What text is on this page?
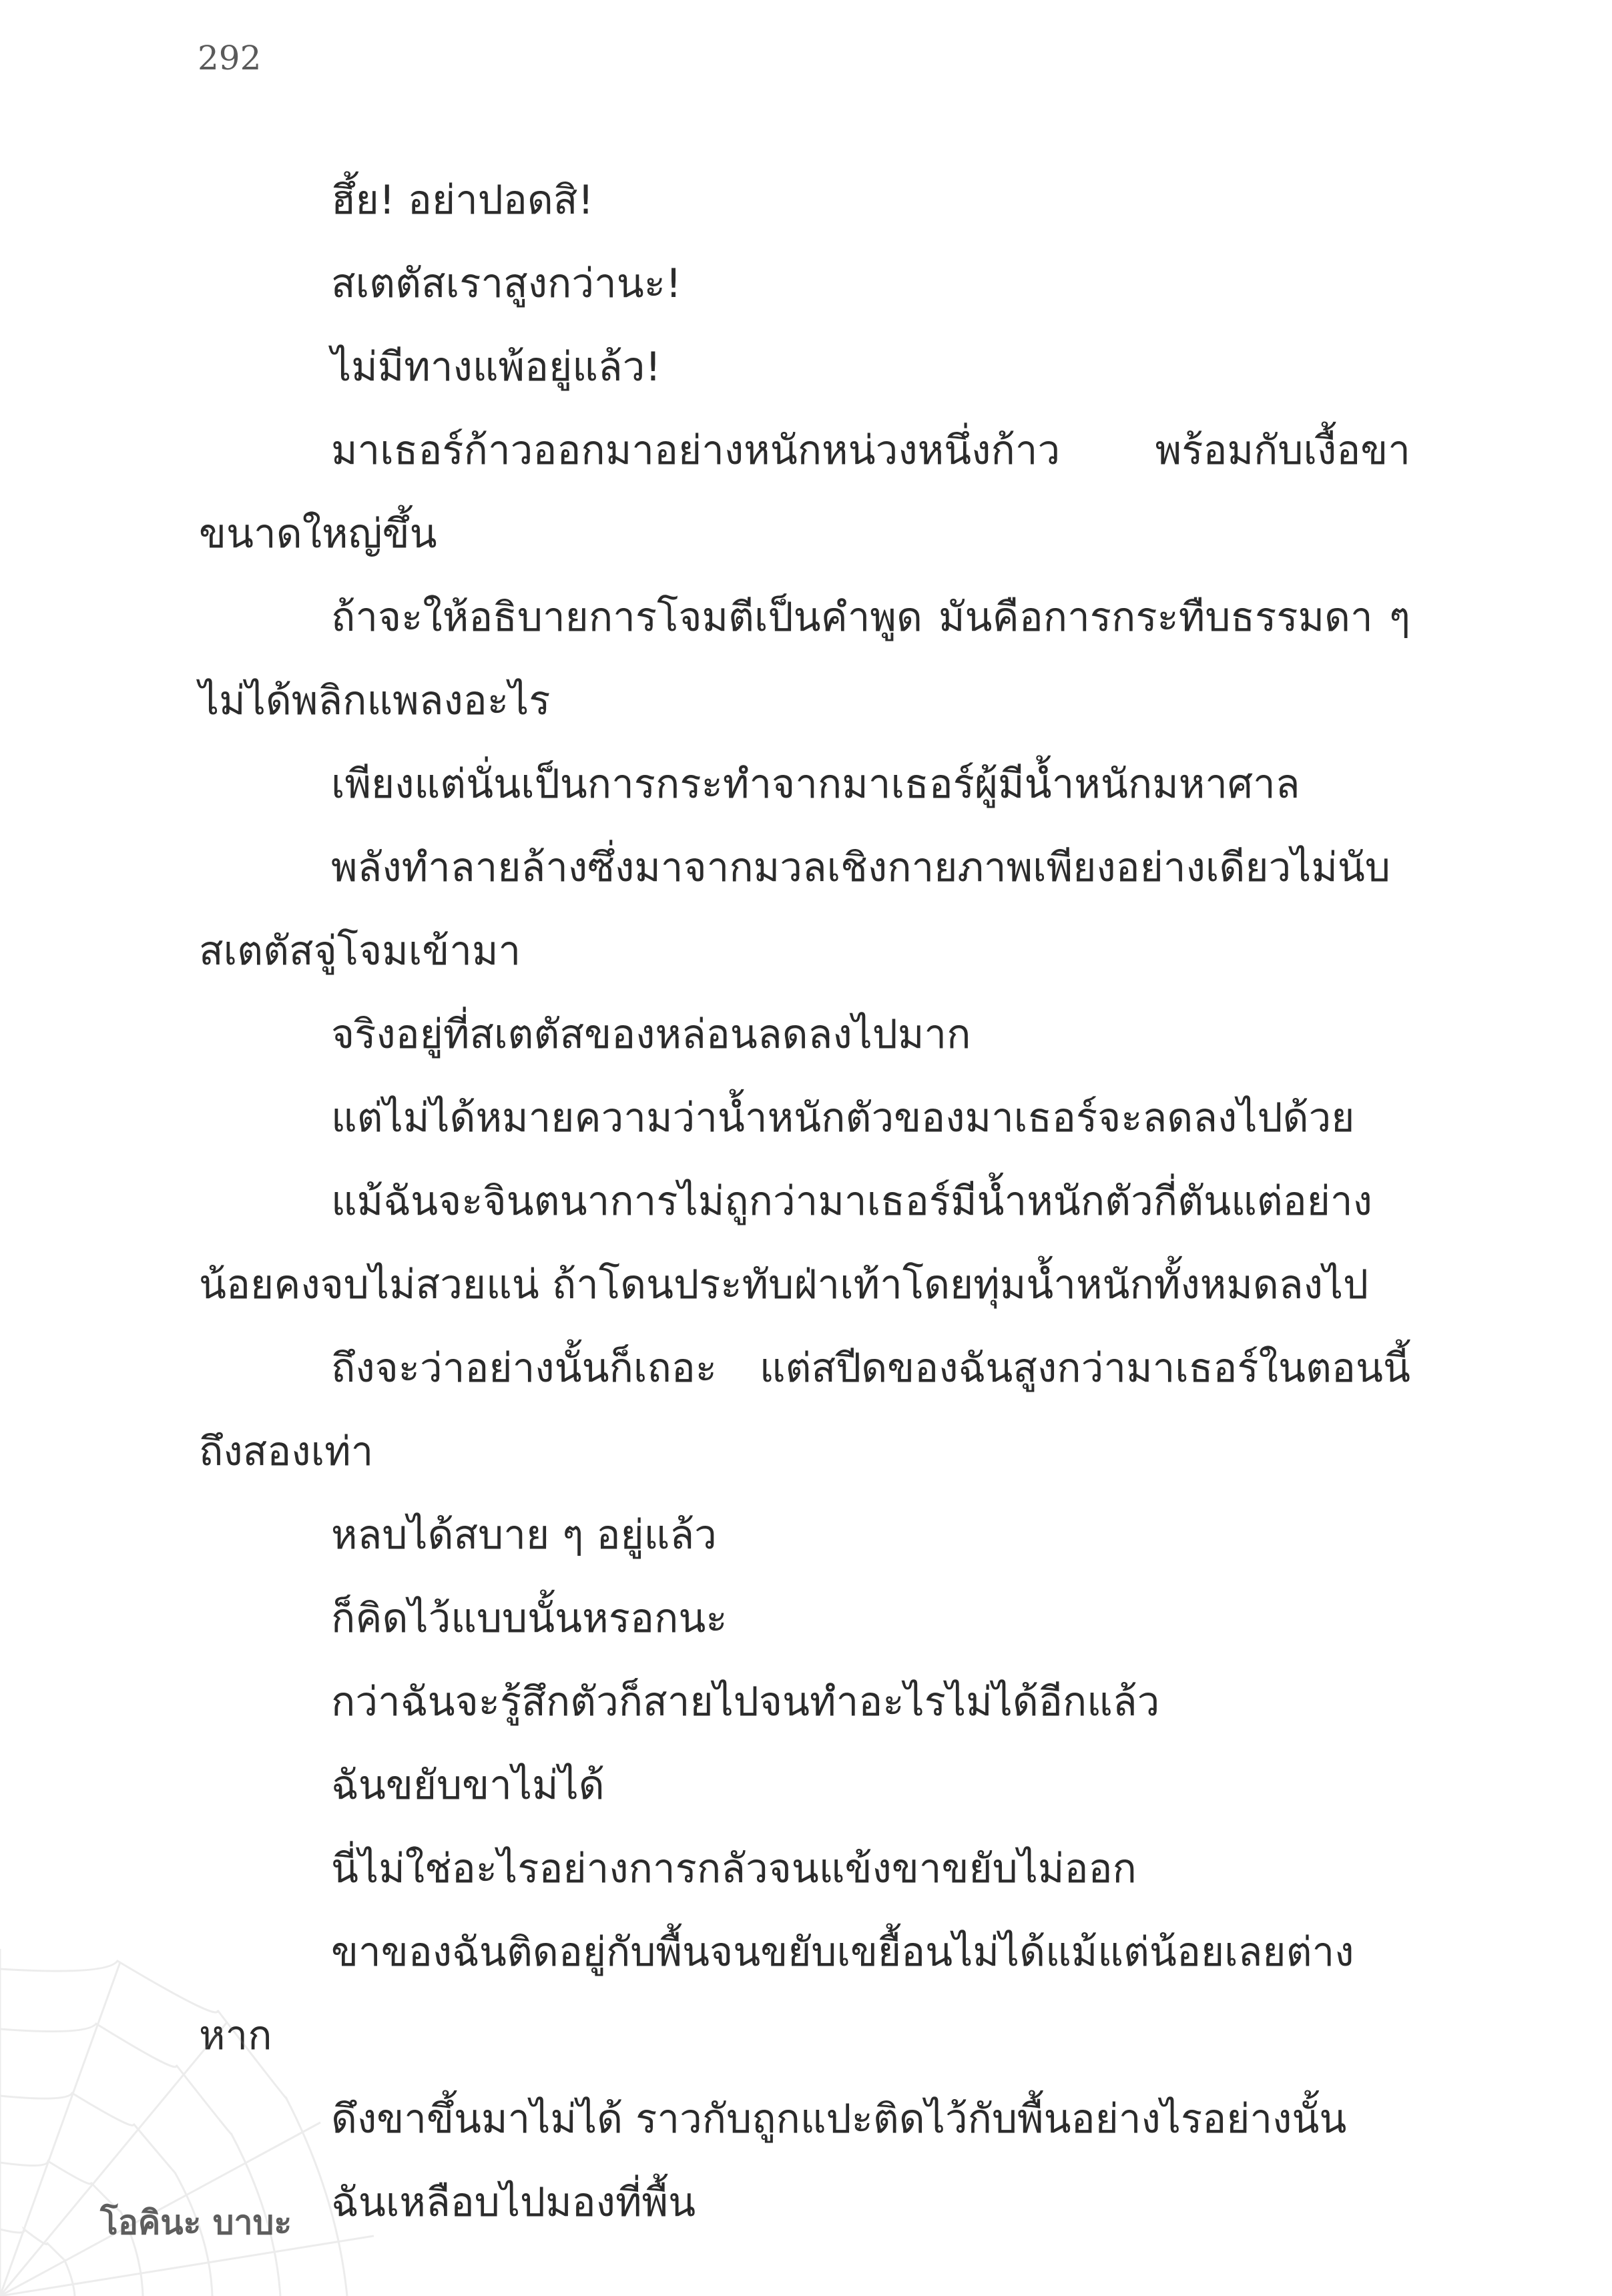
292

ฮึ้ย! อย่าปอดสิ!

สเตตัสเราสูงกว่านะ!

ไม่มีทางแพ้อยู่แล้ว!

มาเธอร์ก้าวออกมาอย่างหนักหน่วงหนึ่งก้าว พร้อมกับเงื้อขาขนาดใหญ่ขึ้น

ถ้าจะให้อธิบายการโจมตีเป็นคำพูด มันคือการกระทืบธรรมดา ๆ ไม่ได้พลิกแพลงอะไร

เพียงแต่นั่นเป็นการกระทำจากมาเธอร์ผู้มีน้ำหนักมหาศาล

พลังทำลายล้างซึ่งมาจากมวลเชิงกายภาพเพียงอย่างเดียวไม่นับสเตตัสจู่โจมเข้ามา

จริงอยู่ที่สเตตัสของหล่อนลดลงไปมาก

แต่ไม่ได้หมายความว่าน้ำหนักตัวของมาเธอร์จะลดลงไปด้วย

แม้ฉันจะจินตนาการไม่ถูกว่ามาเธอร์มีน้ำหนักตัวกี่ตันแต่อย่างน้อยคงจบไม่สวยแน่ ถ้าโดนประทับฝ่าเท้าโดยทุ่มน้ำหนักทั้งหมดลงไป

ถึงจะว่าอย่างนั้นก็เถอะ แต่สปีดของฉันสูงกว่ามาเธอร์ในตอนนี้ถึงสองเท่า

หลบได้สบาย ๆ อยู่แล้ว

ก็คิดไว้แบบนั้นหรอกนะ

กว่าฉันจะรู้สึกตัวก็สายไปจนทำอะไรไม่ได้อีกแล้ว

ฉันขยับขาไม่ได้

นี่ไม่ใช่อะไรอย่างการกลัวจนแข้งขาขยับไม่ออก

ขาของฉันติดอยู่กับพื้นจนขยับเขยื้อนไม่ได้แม้แต่น้อยเลยต่างหาก

ดึงขาขึ้นมาไม่ได้ ราวกับถูกแปะติดไว้กับพื้นอย่างไรอย่างนั้น

ฉันเหลือบไปมองที่พื้น

โอคินะ บาบะ
